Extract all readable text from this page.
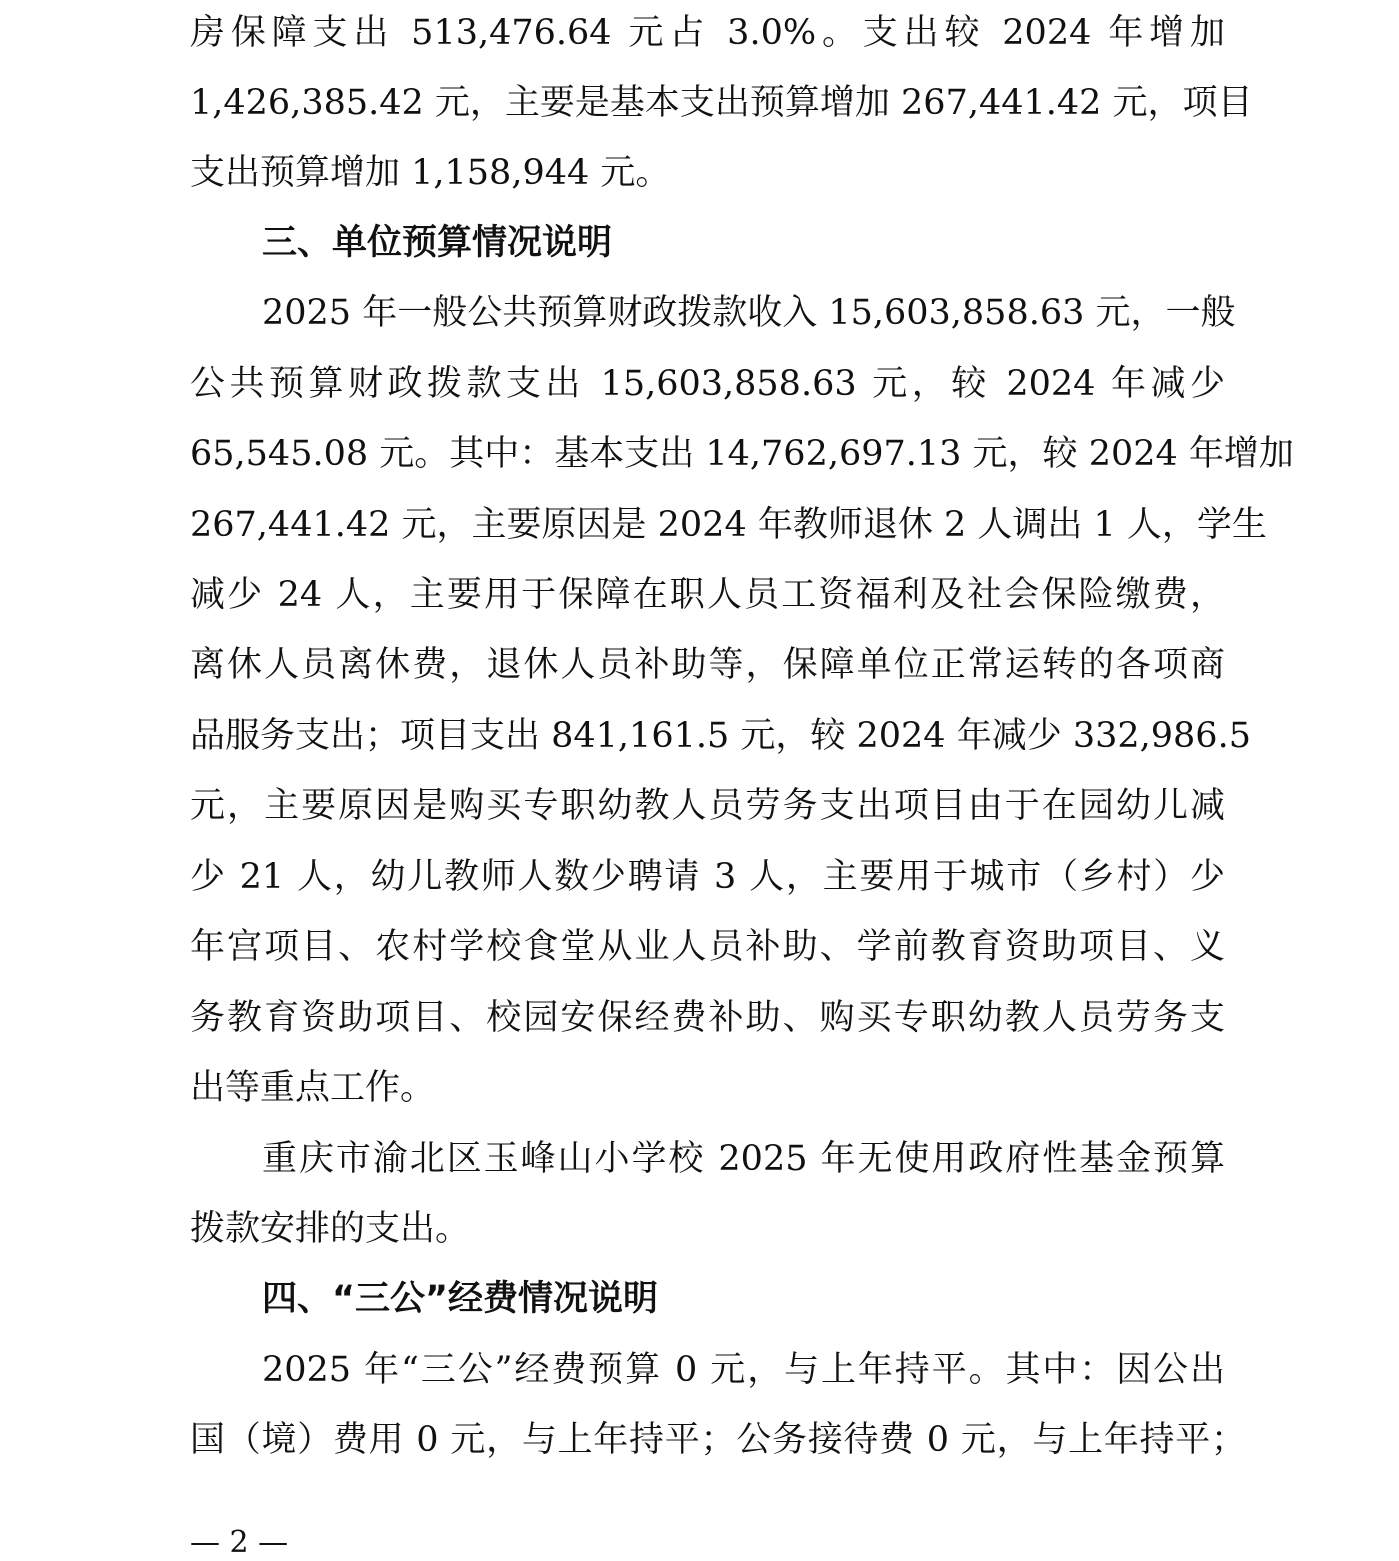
房保障支出 513,476.64 元占 3.0%。支出较 2024 年增加
1,426,385.42 元，主要是基本支出预算增加 267,441.42 元，项目
支出预算增加 1,158,944 元。
三、单位预算情况说明
2025 年一般公共预算财政拨款收入 15,603,858.63 元，一般
公共预算财政拨款支出 15,603,858.63 元，较 2024 年减少
65,545.08 元。其中：基本支出 14,762,697.13 元，较 2024 年增加
267,441.42 元，主要原因是 2024 年教师退休 2 人调出 1 人，学生
减少 24 人，主要用于保障在职人员工资福利及社会保险缴费，
离休人员离休费，退休人员补助等，保障单位正常运转的各项商
品服务支出；项目支出 841,161.5 元，较 2024 年减少 332,986.5
元，主要原因是购买专职幼教人员劳务支出项目由于在园幼儿减
少 21 人，幼儿教师人数少聘请 3 人，主要用于城市（乡村）少
年宫项目、农村学校食堂从业人员补助、学前教育资助项目、义
务教育资助项目、校园安保经费补助、购买专职幼教人员劳务支
出等重点工作。
重庆市渝北区玉峰山小学校 2025 年无使用政府性基金预算
拨款安排的支出。
四、“三公”经费情况说明
2025 年“三公”经费预算 0 元，与上年持平。其中：因公出
国（境）费用 0 元，与上年持平；公务接待费 0 元，与上年持平；
— 2 —
